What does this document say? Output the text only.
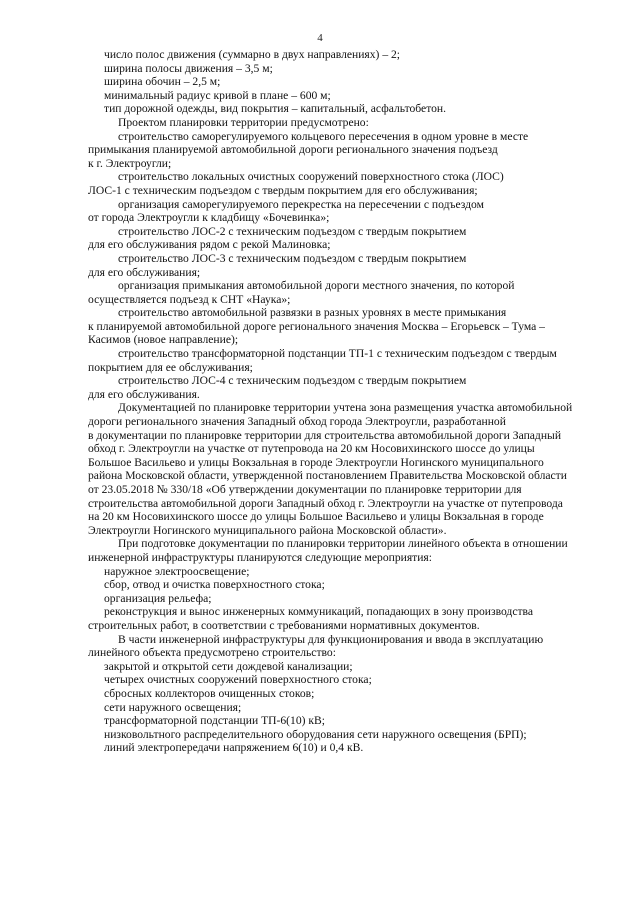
4

число полос движения (суммарно в двух направлениях) – 2;

ширина полосы движения – 3,5 м;

ширина обочин – 2,5 м;

минимальный радиус кривой в плане – 600 м;

тип дорожной одежды, вид покрытия – капитальный, асфальтобетон.

Проектом планировки территории предусмотрено:

строительство саморегулируемого кольцевого пересечения в одном уровне в месте

примыкания планируемой автомобильной дороги регионального значения подъезд

к г. Электроугли;

строительство локальных очистных сооружений поверхностного стока (ЛОС)

ЛОС-1 с техническим подъездом с твердым покрытием для его обслуживания;

организация саморегулируемого перекрестка на пересечении с подъездом

от города Электроугли к кладбищу «Бочевинка»;

строительство ЛОС-2 с техническим подъездом с твердым покрытием

для его обслуживания рядом с рекой Малиновка;

строительство ЛОС-3 с техническим подъездом с твердым покрытием

для его обслуживания;

организация примыкания автомобильной дороги местного значения, по которой

осуществляется подъезд к СНТ «Наука»;

строительство автомобильной развязки в разных уровнях в месте примыкания

к планируемой автомобильной дороге регионального значения Москва – Егорьевск – Тума –

Касимов (новое направление);

строительство трансформаторной подстанции ТП-1 с техническим подъездом с твердым

покрытием для ее обслуживания;

строительство ЛОС-4 с техническим подъездом с твердым покрытием

для его обслуживания.

Документацией по планировке территории учтена зона размещения участка автомобильной

дороги регионального значения Западный обход города Электроугли, разработанной

в документации по планировке территории для строительства автомобильной дороги Западный

обход г. Электроугли на участке от путепровода на 20 км Носовихинского шоссе до улицы

Большое Васильево и улицы Вокзальная в городе Электроугли Ногинского муниципального

района Московской области, утвержденной постановлением Правительства Московской области

от 23.05.2018 № 330/18 «Об утверждении документации по планировке территории для

строительства автомобильной дороги Западный обход г. Электроугли на участке от путепровода

на 20 км Носовихинского шоссе до улицы Большое Васильево и улицы Вокзальная в городе

Электроугли Ногинского муниципального района Московской области».

При подготовке документации по планировки территории линейного объекта в отношении

инженерной инфраструктуры планируются следующие мероприятия:

наружное электроосвещение;

сбор, отвод и очистка поверхностного стока;

организация рельефа;

реконструкция и вынос инженерных коммуникаций, попадающих в зону производства

строительных работ, в соответствии с требованиями нормативных документов.

В части инженерной инфраструктуры для функционирования и ввода в эксплуатацию

линейного объекта предусмотрено строительство:

закрытой и открытой сети дождевой канализации;

четырех очистных сооружений поверхностного стока;

сбросных коллекторов очищенных стоков;

сети наружного освещения;

трансформаторной подстанции ТП-6(10) кВ;

низковольтного распределительного оборудования сети наружного освещения (БРП);

линий электропередачи напряжением 6(10) и 0,4 кВ.
